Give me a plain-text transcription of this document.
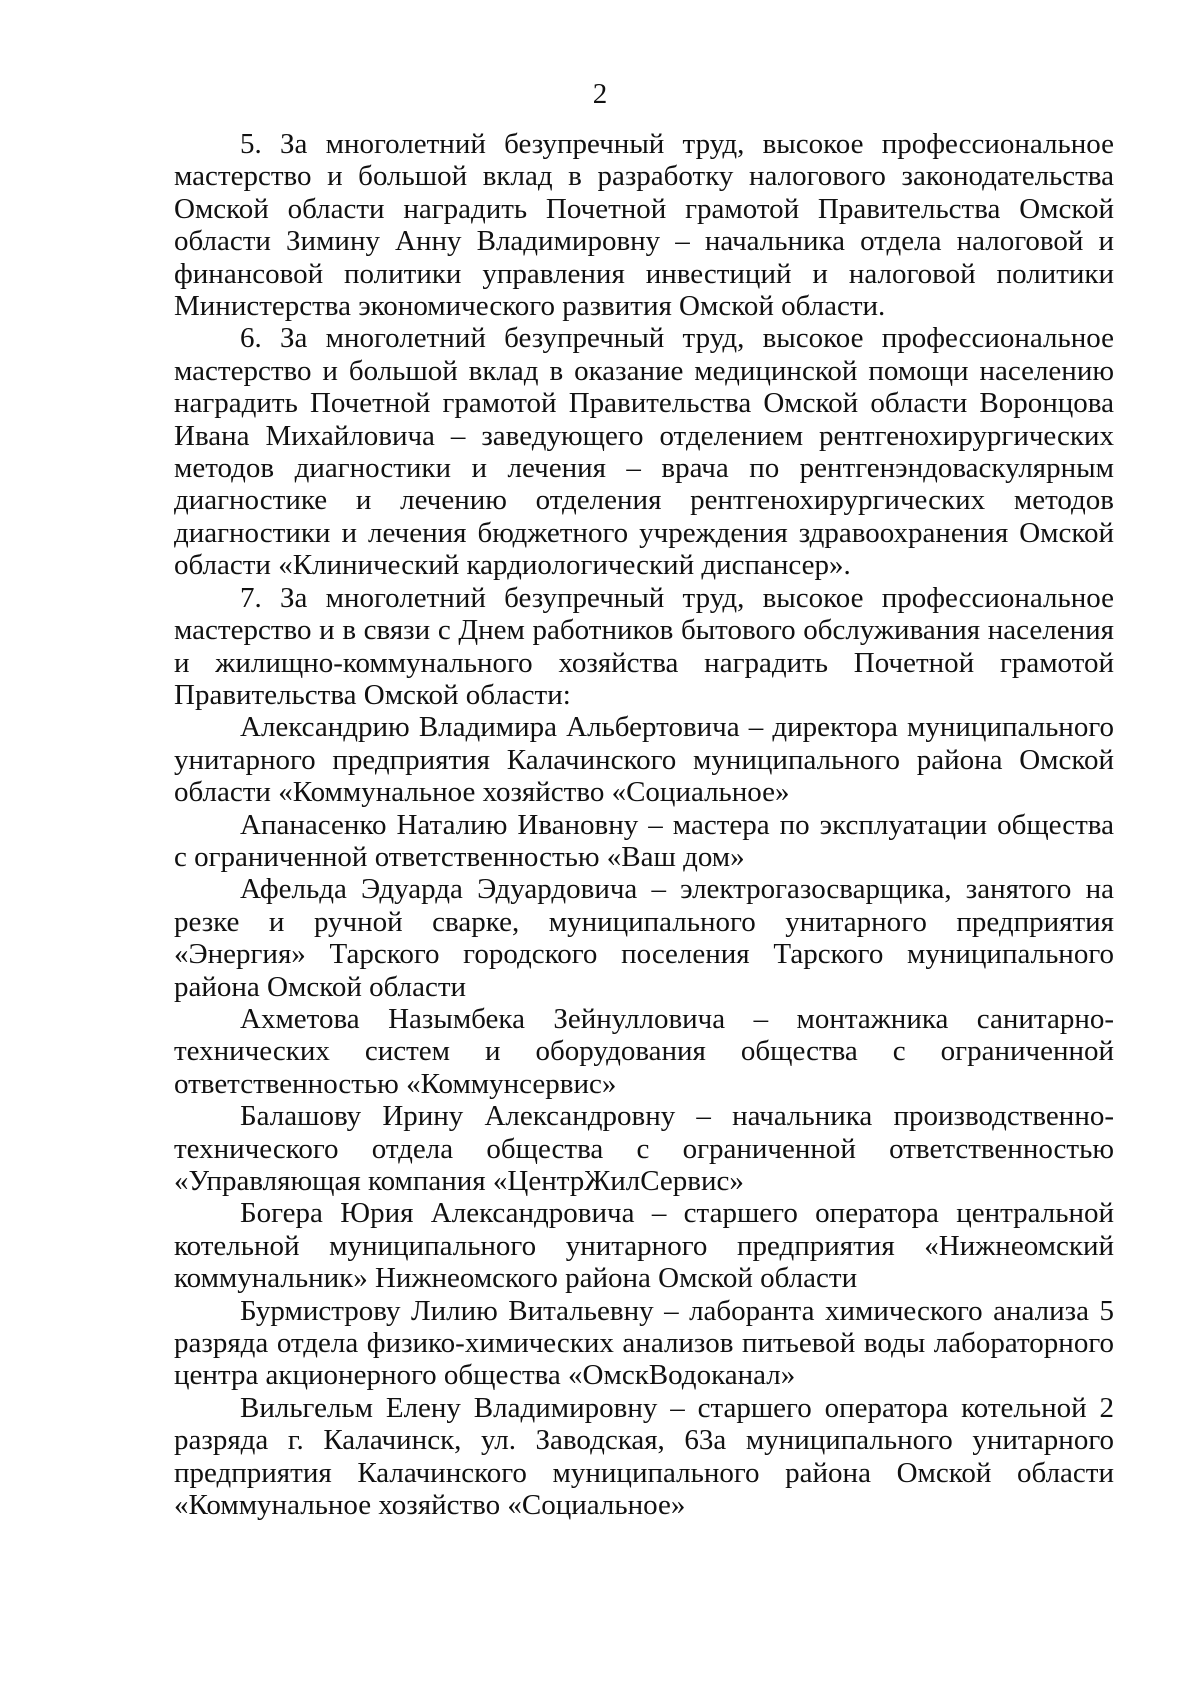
2

5. За многолетний безупречный труд, высокое профессиональное мастерство и большой вклад в разработку налогового законодательства Омской области наградить Почетной грамотой Правительства Омской области Зимину Анну Владимировну – начальника отдела налоговой и финансовой политики управления инвестиций и налоговой политики Министерства экономического развития Омской области.

6. За многолетний безупречный труд, высокое профессиональное мастерство и большой вклад в оказание медицинской помощи населению наградить Почетной грамотой Правительства Омской области Воронцова Ивана Михайловича – заведующего отделением рентгенохирургических методов диагностики и лечения – врача по рентгенэндоваскулярным диагностике и лечению отделения рентгенохирургических методов диагностики и лечения бюджетного учреждения здравоохранения Омской области «Клинический кардиологический диспансер».

7. За многолетний безупречный труд, высокое профессиональное мастерство и в связи с Днем работников бытового обслуживания населения и жилищно-коммунального хозяйства наградить Почетной грамотой Правительства Омской области:

Александрию Владимира Альбертовича – директора муниципального унитарного предприятия Калачинского муниципального района Омской области «Коммунальное хозяйство «Социальное»

Апанасенко Наталию Ивановну – мастера по эксплуатации общества с ограниченной ответственностью «Ваш дом»

Афельда Эдуарда Эдуардовича – электрогазосварщика, занятого на резке и ручной сварке, муниципального унитарного предприятия «Энергия» Тарского городского поселения Тарского муниципального района Омской области

Ахметова Назымбека Зейнулловича – монтажника санитарно-технических систем и оборудования общества с ограниченной ответственностью «Коммунсервис»

Балашову Ирину Александровну – начальника производственно-технического отдела общества с ограниченной ответственностью «Управляющая компания «ЦентрЖилСервис»

Богера Юрия Александровича – старшего оператора центральной котельной муниципального унитарного предприятия «Нижнеомский коммунальник» Нижнеомского района Омской области

Бурмистрову Лилию Витальевну – лаборанта химического анализа 5 разряда отдела физико-химических анализов питьевой воды лабораторного центра акционерного общества «ОмскВодоканал»

Вильгельм Елену Владимировну – старшего оператора котельной 2 разряда г. Калачинск, ул. Заводская, 63а муниципального унитарного предприятия Калачинского муниципального района Омской области «Коммунальное хозяйство «Социальное»
